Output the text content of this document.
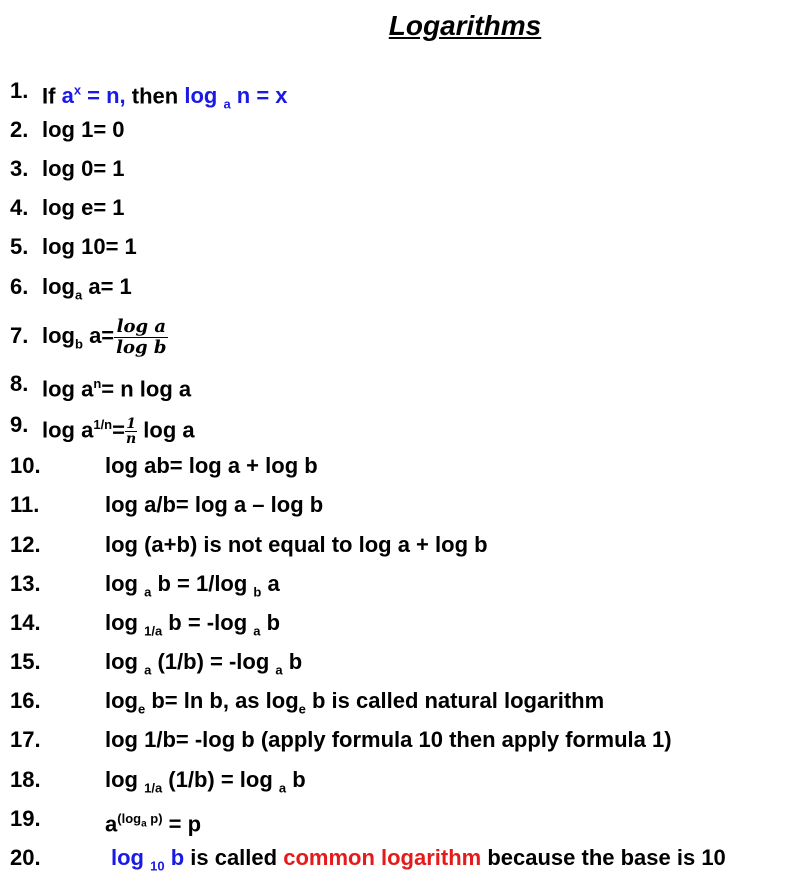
Logarithms
1. If $a^x = n$, then log $_a$ n = x
2. log 1= 0
3. log 0= 1
4. log e= 1
5. log 10= 1
6. $\log_a a= 1$
7. $\log_b a= \frac{\text{log a}}{\text{log b}}$
8. $\log a^n= n$ log a
9. $\log a^{1/n}= \frac{1}{n}$ log a
10.	log ab= log a + log b
11.	log a/b= log a – log b
12.	log (a+b) is not equal to log a + log b
13.	log $_a$ b = 1/log $_b$ a
14.	log $_{1/a}$ b = -log $_a$ b
15.	log $_a$ (1/b) = -log $_a$ b
16.	$\log_e b= \ln b$, as $\log_e b$ is called natural logarithm
17.	log 1/b= -log b (apply formula 10 then apply formula 1)
18.	log $_{1/a}$ (1/b) = log $_a$ b
19.	$a^{(log_a p)} = p$
20.	log $_{10}$ b is called common logarithm because the base is 10
